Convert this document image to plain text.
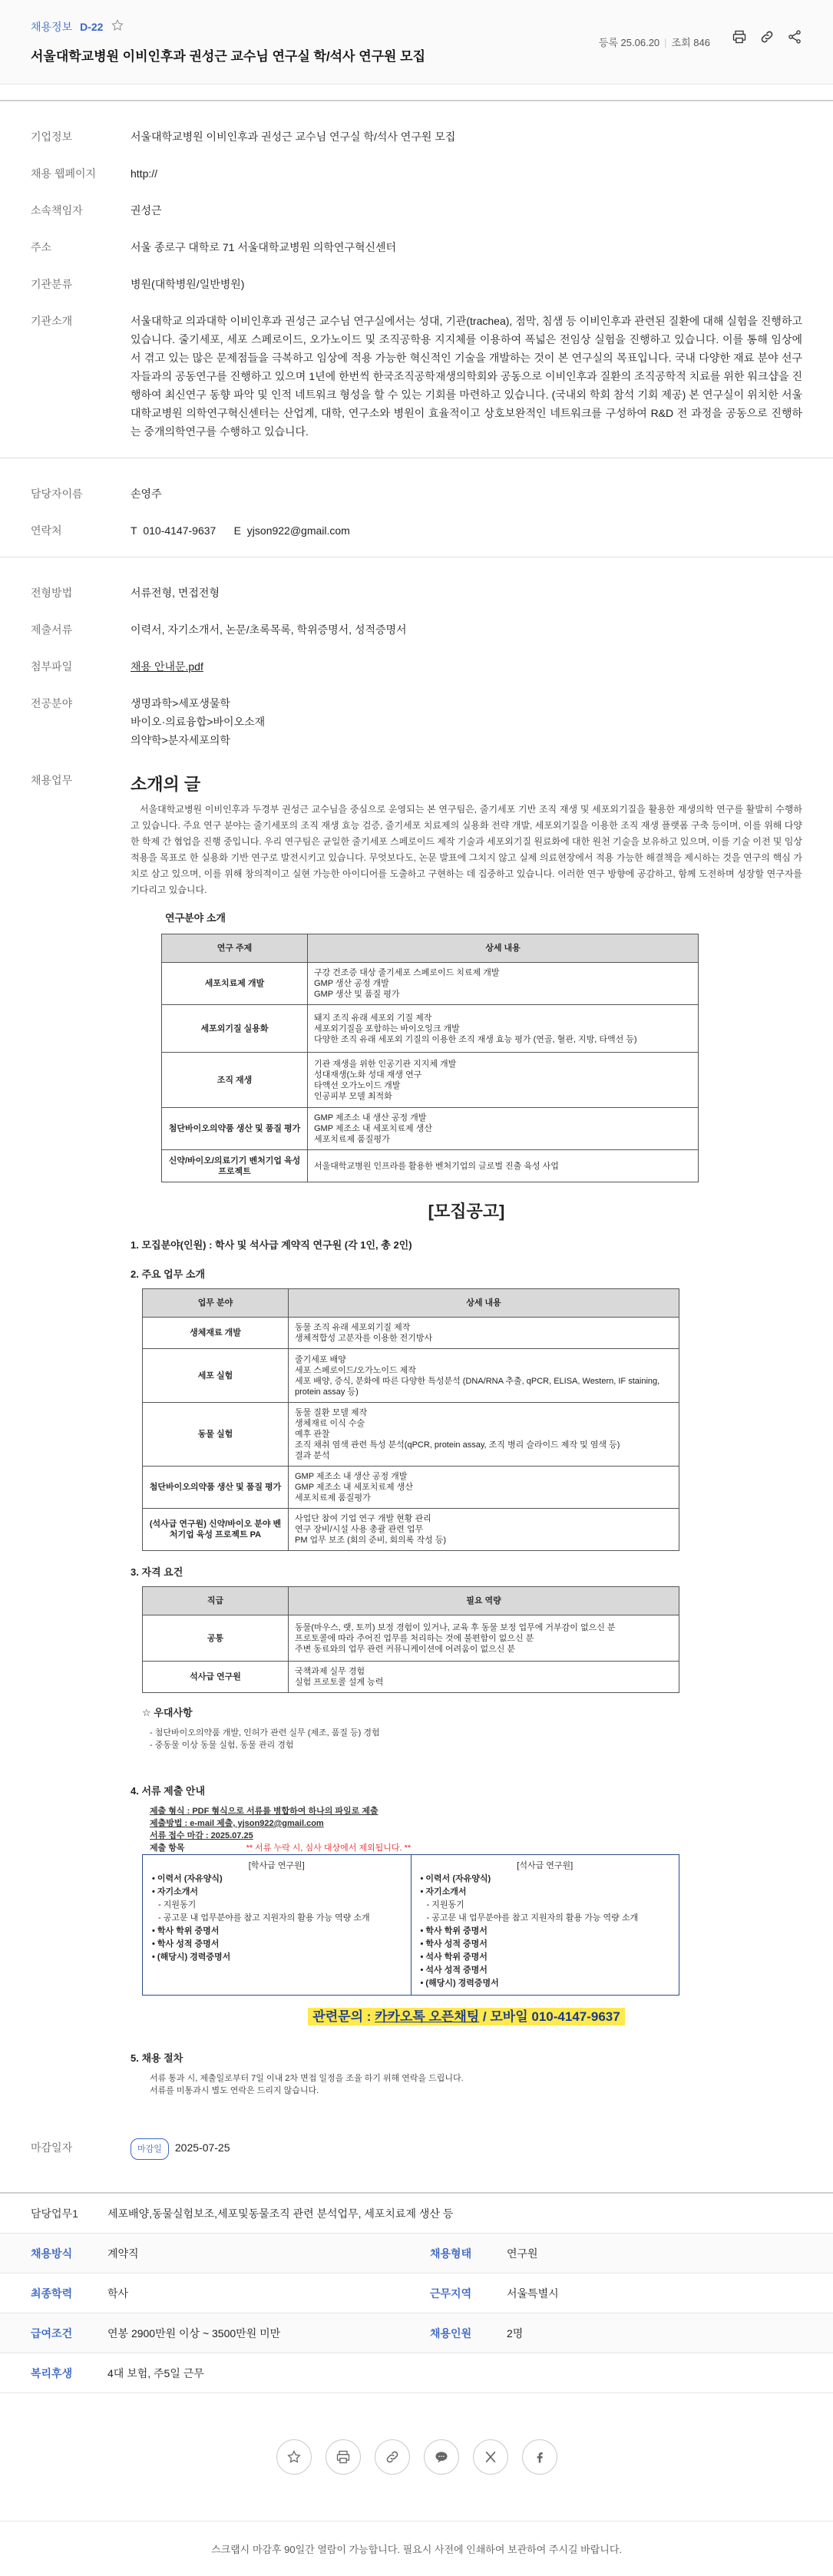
채용정보 D-22
서울대학교병원 이비인후과 권성근 교수님 연구실 학/석사 연구원 모집
등록 25.06.20 | 조회 846
기업정보	서울대학교병원 이비인후과 권성근 교수님 연구실 학/석사 연구원 모집
채용 웹페이지	http://
소속책임자	권성근
주소	서울 종로구 대학로 71 서울대학교병원 의학연구혁신센터
기관분류	병원(대학병원/일반병원)
기관소개	서울대학교 의과대학 이비인후과 권성근 교수님 연구실에서는 성대, 기관(trachea), 점막, 침샘 등 이비인후과 관련된 질환에 대해 실험을 진행하고 있습니다. 줄기세포, 세포 스페로이드, 오가노이드 및 조직공학용 지지체를 이용하여 폭넓은 전임상 실험을 진행하고 있습니다. 이를 통해 임상에서 겪고 있는 많은 문제점들을 극복하고 임상에 적용 가능한 혁신적인 기술을 개발하는 것이 본 연구실의 목표입니다. 국내 다양한 재료 분야 선구자들과의 공동연구를 진행하고 있으며 1년에 한번씩 한국조직공학재생의학회와 공동으로 이비인후과 질환의 조직공학적 치료를 위한 워크샵을 진행하여 최신연구 동향 파악 및 인적 네트워크 형성을 할 수 있는 기회를 마련하고 있습니다. (국내외 학회 참석 기회 제공) 본 연구실이 위치한 서울대학교병원 의학연구혁신센터는 산업계, 대학, 연구소와 병원이 효율적이고 상호보완적인 네트워크를 구성하여 R&D 전 과정을 공동으로 진행하는 중개의학연구를 수행하고 있습니다.
담당자이름	손영주
연락처	T 010-4147-9637 E yjson922@gmail.com
전형방법	서류전형, 면접전형
제출서류	이력서, 자기소개서, 논문/초록목록, 학위증명서, 성적증명서
첨부파일	채용 안내문.pdf
전공분야	생명과학>세포생물학
바이오·의료융합>바이오소재
의약학>분자세포의학
채용업무	소개의 글

서울대학교병원 이비인후과 두경부 권성근 교수님을 중심으로 운영되는 본 연구팀은, 줄기세포 기반 조직 재생 및 세포외기질을 활용한 재생의학 연구를 활발히 수행하고 있습니다. 주요 연구 분야는 줄기세포의 조직 재생 효능 검증, 줄기세포 치료제의 실용화 전략 개발, 세포외기질을 이용한 조직 재생 플랫폼 구축 등이며, 이를 위해 다양한 학제 간 협업을 진행 중입니다. 우리 연구팀은 균일한 줄기세포 스페로이드 제작 기술과 세포외기질 원료화에 대한 원천 기술을 보유하고 있으며, 이를 기술 이전 및 임상 적용을 목표로 한 실용화 기반 연구로 발전시키고 있습니다. 무엇보다도, 논문 발표에 그치지 않고 실제 의료현장에서 적용 가능한 해결책을 제시하는 것을 연구의 핵심 가치로 삼고 있으며, 이를 위해 창의적이고 실현 가능한 아이디어를 도출하고 구현하는 데 집중하고 있습니다. 이러한 연구 방향에 공감하고, 함께 도전하며 성장할 연구자를 기다리고 있습니다.

연구분야 소개
연구 주제	상세 내용
세포치료제 개발	구강 건조증 대상 줄기세포 스페로이드 치료제 개발
GMP 생산 공정 개발
GMP 생산 및 품질 평가

세포외기질 실용화	돼지 조직 유래 세포외 기질 제작
세포외기질을 포함하는 바이오잉크 개발
다양한 조직 유래 세포외 기질의 이용한 조직 재생 효능 평가 (연골, 혈관, 지방, 타액선 등)

조직 재생	기관 재생을 위한 인공기관 지지체 개발
성대재생(노화 성대 재생 연구
타액선 오가노이드 개발
인공피부 모델 최적화

첨단바이오의약품 생산 및 품질 평가	GMP 제조소 내 생산 공정 개발
GMP 제조소 내 세포치료제 생산
세포치료제 품질평가

신약/바이오/의료기기 벤처기업 육성 프로젝트	서울대학교병원 인프라를 활용한 벤처기업의 글로벌 진출 육성 사업
[모집공고]
1. 모집분야(인원) : 학사 및 석사급 계약직 연구원 (각 1인, 총 2인)
2. 주요 업무 소개
업무 분야	상세 내용
생체재료 개발	동물 조직 유래 세포외기질 제작
생체적합성 고분자를 이용한 전기방사

세포 실험	줄기세포 배양
세포 스페로이드/오가노이드 제작
세포 배양, 증식, 분화에 따른 다양한 특성분석 (DNA/RNA 추출, qPCR, ELISA, Western, IF staining, protein assay 등)

동물 실험	동물 질환 모델 제작
생체재료 이식 수술
예후 관찰
조직 채취 염색 관련 특성 분석(qPCR, protein assay, 조직 병리 슬라이드 제작 및 염색 등)
결과 분석

첨단바이오의약품 생산 및 품질 평가	GMP 제조소 내 생산 공정 개발
GMP 제조소 내 세포치료제 생산
세포치료제 품질평가

(석사급 연구원) 신약/바이오 분야 벤처기업 육성 프로젝트 PA	사업단 참여 기업 연구 개발 현황 관리
연구 장비/시설 사용 총괄 관련 업무
PM 업무 보조 (회의 준비, 회의록 작성 등)
3. 자격 요건
직급	필요 역량
공통	동물(마우스, 랫, 토끼) 보정 경험이 있거나, 교육 후 동물 보정 업무에 거부감이 없으신 분
프로토콜에 따라 주어진 업무를 처리하는 것에 불편함이 없으신 분
주변 동료와의 업무 관련 커뮤니케이션에 어려움이 없으신 분

석사급 연구원	국책과제 실무 경험
실험 프로토콜 설계 능력
☆ 우대사항
- 첨단바이오의약품 개발, 인허가 관련 실무 (제조, 품질 등) 경험
- 중동물 이상 동물 실험, 동물 관리 경험
4. 서류 제출 안내
제출 형식 : PDF 형식으로 서류를 병합하여 하나의 파일로 제출
제출방법 : e-mail 제출, yjson922@gmail.com
서류 접수 마감 : 2025.07.25
제출 항목	** 서류 누락 시, 심사 대상에서 제외됩니다. **
[학사급 연구원]
• 이력서 (자유양식)
• 자기소개서
- 지원동기
- 공고문 내 업무분야를 참고 지원자의 활용 가능 역량 소개
• 학사 학위 증명서
• 학사 성적 증명서
• (해당시) 경력증명서
[석사급 연구원]
• 이력서 (자유양식)
• 자기소개서
- 지원동기
- 공고문 내 업무분야를 참고 지원자의 활용 가능 역량 소개
• 학사 학위 증명서
• 학사 성적 증명서
• 석사 학위 증명서
• 석사 성적 증명서
• (해당시) 경력증명서
관련문의 : 카카오톡 오픈채팅 / 모바일 010-4147-9637
5. 채용 절차
서류 통과 시, 제출일로부터 7일 이내 2차 면접 일정을 조율 하기 위해 연락을 드립니다.
서류를 미통과시 별도 연락은 드리지 않습니다.
마감일자	마감일 2025-07-25
담당업무1	세포배양,동물실험보조,세포및동물조직 관련 분석업무, 세포치료제 생산 등
채용방식	계약직	채용형태	연구원
최종학력	학사	근무지역	서울특별시
급여조건	연봉 2900만원 이상 ~ 3500만원 미만	채용인원	2명
복리후생	4대 보험, 주5일 근무
스크랩시 마감후 90일간 열람이 가능합니다. 필요시 사전에 인쇄하여 보관하여 주시길 바랍니다.
